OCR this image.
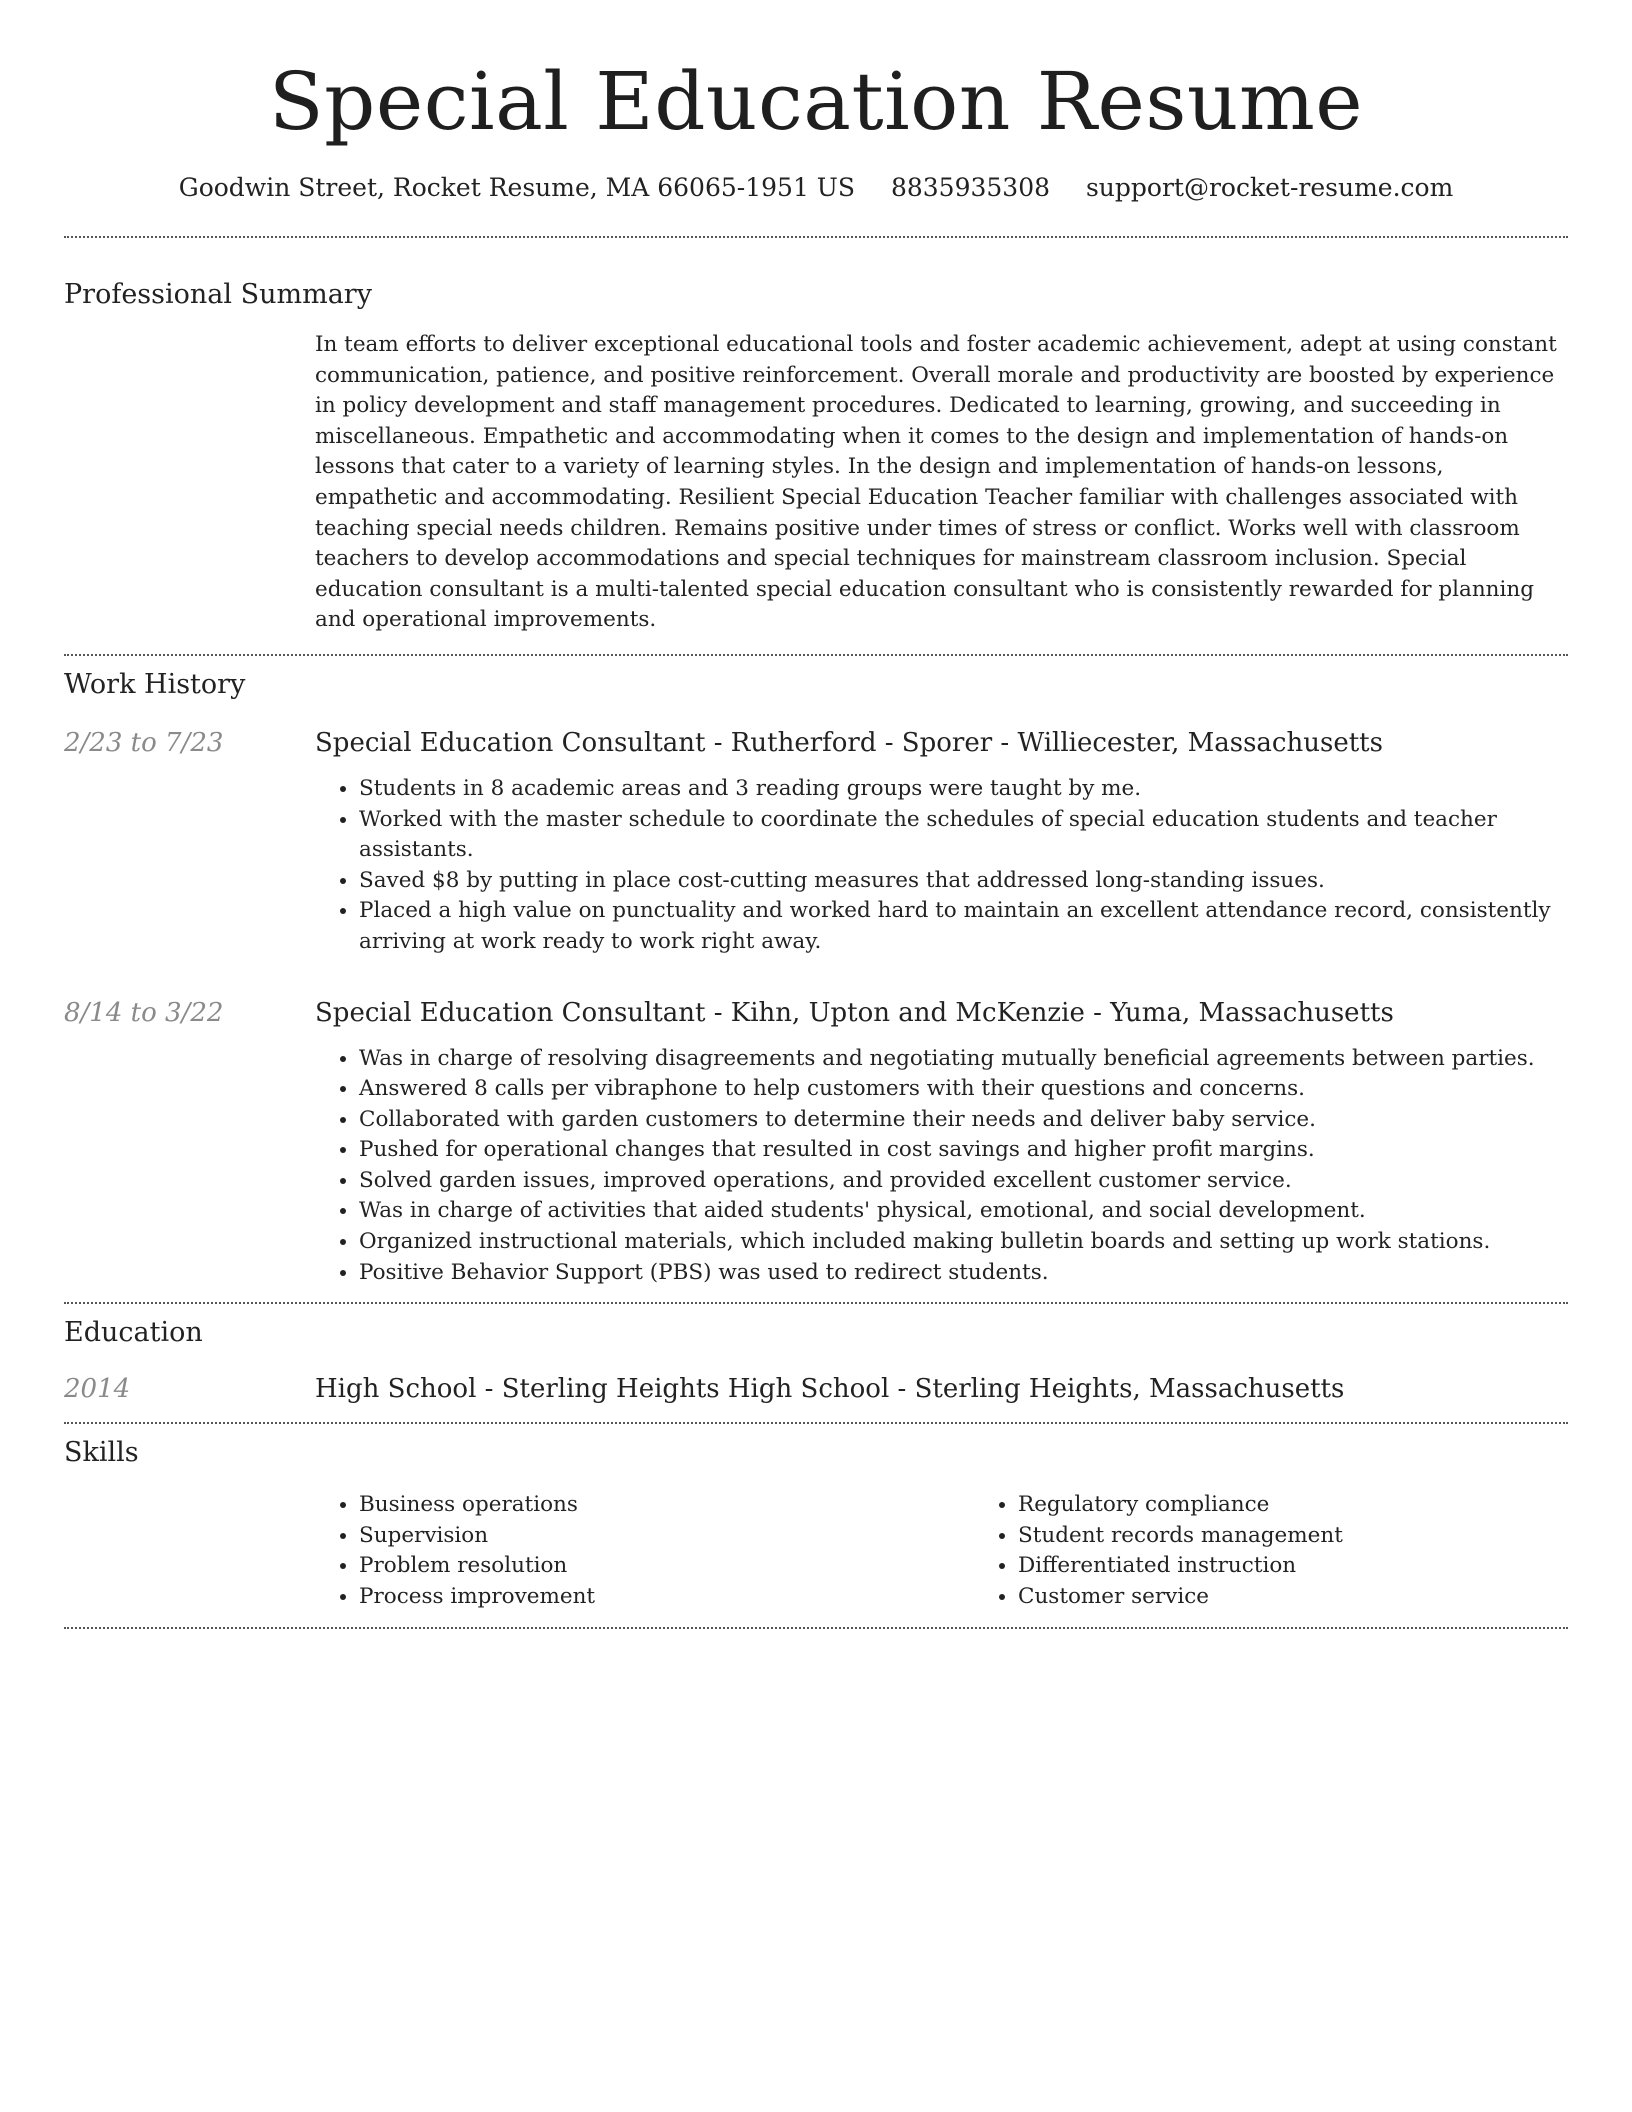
Special Education Resume
Goodwin Street, Rocket Resume, MA 66065-1951 US 8835935308 support@rocket-resume.com
Professional Summary

In team efforts to deliver exceptional educational tools and foster academic achievement, adept at using constant communication, patience, and positive reinforcement. Overall morale and productivity are boosted by experience in policy development and staff management procedures. Dedicated to learning, growing, and succeeding in miscellaneous. Empathetic and accommodating when it comes to the design and implementation of hands-on lessons that cater to a variety of learning styles. In the design and implementation of hands-on lessons, empathetic and accommodating. Resilient Special Education Teacher familiar with challenges associated with teaching special needs children. Remains positive under times of stress or conflict. Works well with classroom teachers to develop accommodations and special techniques for mainstream classroom inclusion. Special education consultant is a multi-talented special education consultant who is consistently rewarded for planning and operational improvements.

Work History
2/23 to 7/23	Special Education Consultant - Rutherford - Sporer - Williecester, Massachusetts
• Students in 8 academic areas and 3 reading groups were taught by me.
• Worked with the master schedule to coordinate the schedules of special education students and teacher assistants.
• Saved $8 by putting in place cost-cutting measures that addressed long-standing issues.
• Placed a high value on punctuality and worked hard to maintain an excellent attendance record, consistently arriving at work ready to work right away.
8/14 to 3/22	Special Education Consultant - Kihn, Upton and McKenzie - Yuma, Massachusetts
• Was in charge of resolving disagreements and negotiating mutually beneficial agreements between parties.
• Answered 8 calls per vibraphone to help customers with their questions and concerns.
• Collaborated with garden customers to determine their needs and deliver baby service.
• Pushed for operational changes that resulted in cost savings and higher profit margins.
• Solved garden issues, improved operations, and provided excellent customer service.
• Was in charge of activities that aided students' physical, emotional, and social development.
• Organized instructional materials, which included making bulletin boards and setting up work stations.
• Positive Behavior Support (PBS) was used to redirect students.
Education
2014	High School - Sterling Heights High School - Sterling Heights, Massachusetts
Skills
• Business operations
• Supervision
• Problem resolution
• Process improvement
• Regulatory compliance
• Student records management
• Differentiated instruction
• Customer service
